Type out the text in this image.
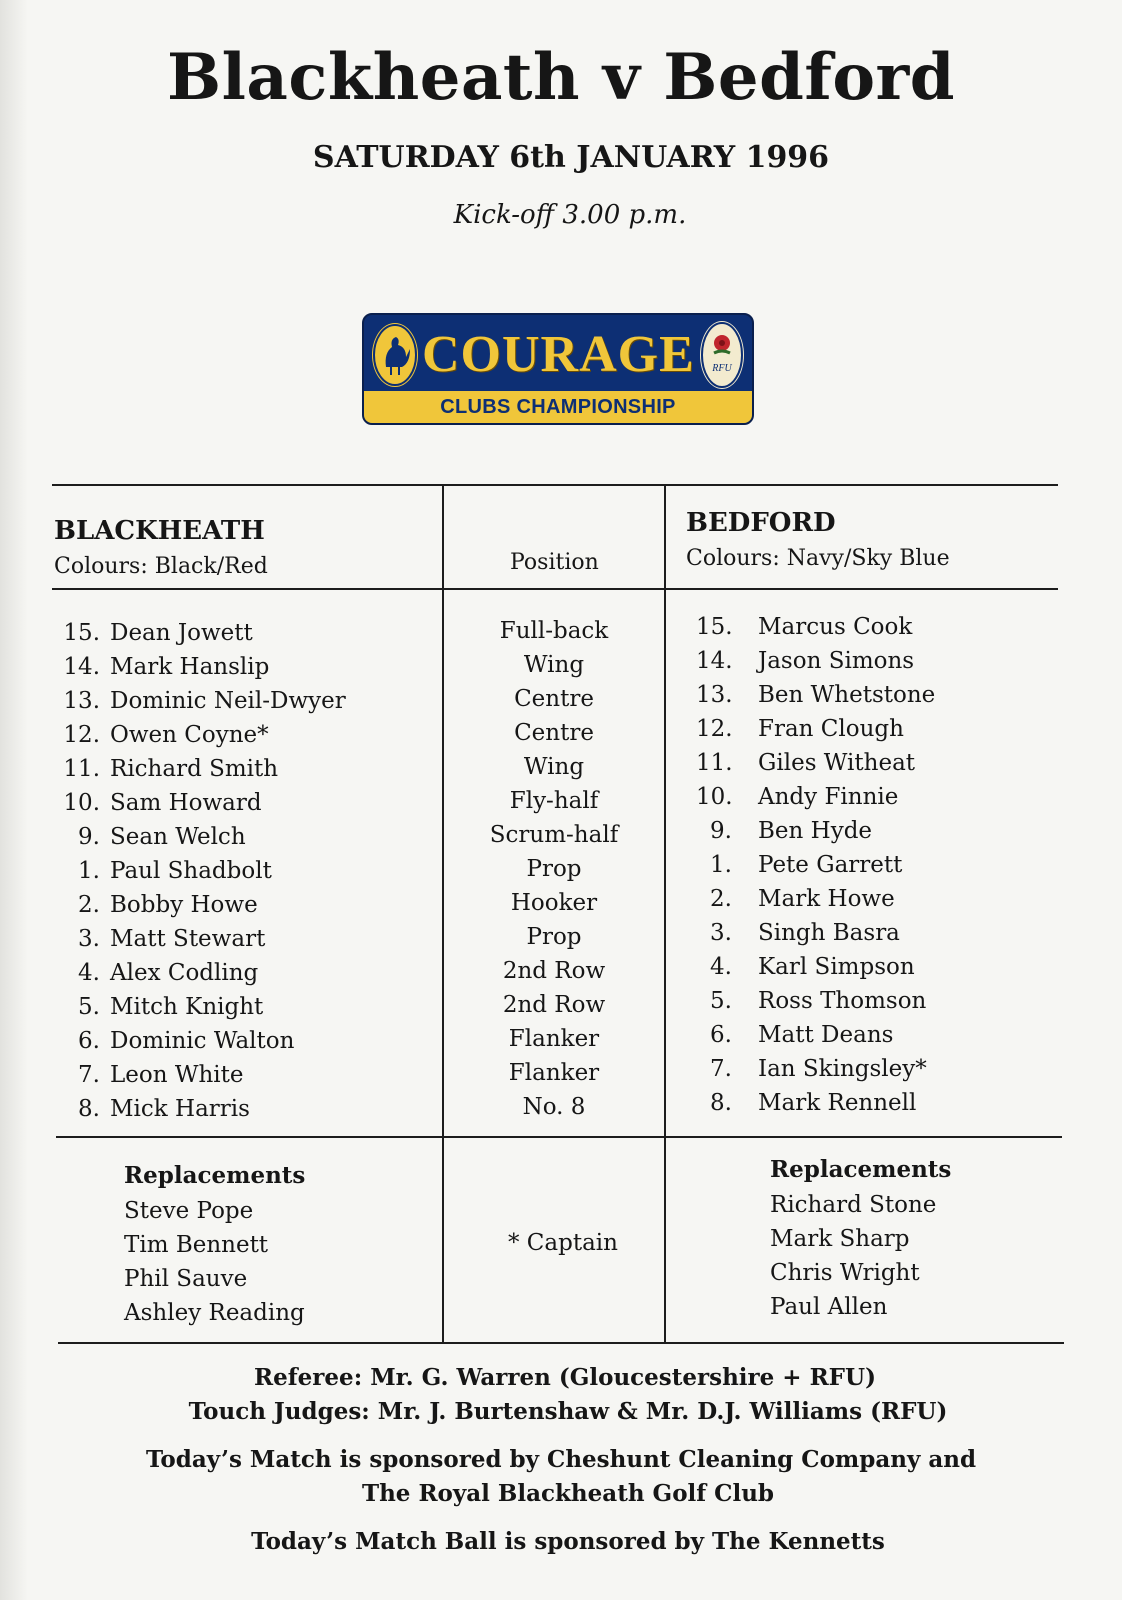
Blackheath v Bedford
SATURDAY 6th JANUARY 1996
Kick-off 3.00 p.m.
COURAGE RFU
CLUBS CHAMPIONSHIP
BLACKHEATH
Colours: Black/Red	Position
BEDFORD
Colours: Navy/Sky Blue
15. Dean Jowett
14. Mark Hanslip
13. Dominic Neil-Dwyer
12. Owen Coyne*
11. Richard Smith
10. Sam Howard
9. Sean Welch
1. Paul Shadbolt
2. Bobby Howe
3. Matt Stewart
4. Alex Codling
5. Mitch Knight
6. Dominic Walton
7. Leon White
8. Mick Harris
Full-back
Wing
Centre
Centre
Wing
Fly-half
Scrum-half
Prop
Hooker
Prop
2nd Row
2nd Row
Flanker
Flanker
No. 8
15. Marcus Cook
14. Jason Simons
13. Ben Whetstone
12. Fran Clough
11. Giles Witheat
10. Andy Finnie
9. Ben Hyde
1. Pete Garrett
2. Mark Howe
3. Singh Basra
4. Karl Simpson
5. Ross Thomson
6. Matt Deans
7. Ian Skingsley*
8. Mark Rennell
Replacements
Steve Pope
Tim Bennett
Phil Sauve
Ashley Reading
* Captain
Replacements
Richard Stone
Mark Sharp
Chris Wright
Paul Allen
Referee: Mr. G. Warren (Gloucestershire + RFU)
Touch Judges: Mr. J. Burtenshaw & Mr. D.J. Williams (RFU)
Today’s Match is sponsored by Cheshunt Cleaning Company and
The Royal Blackheath Golf Club
Today’s Match Ball is sponsored by The Kennetts
